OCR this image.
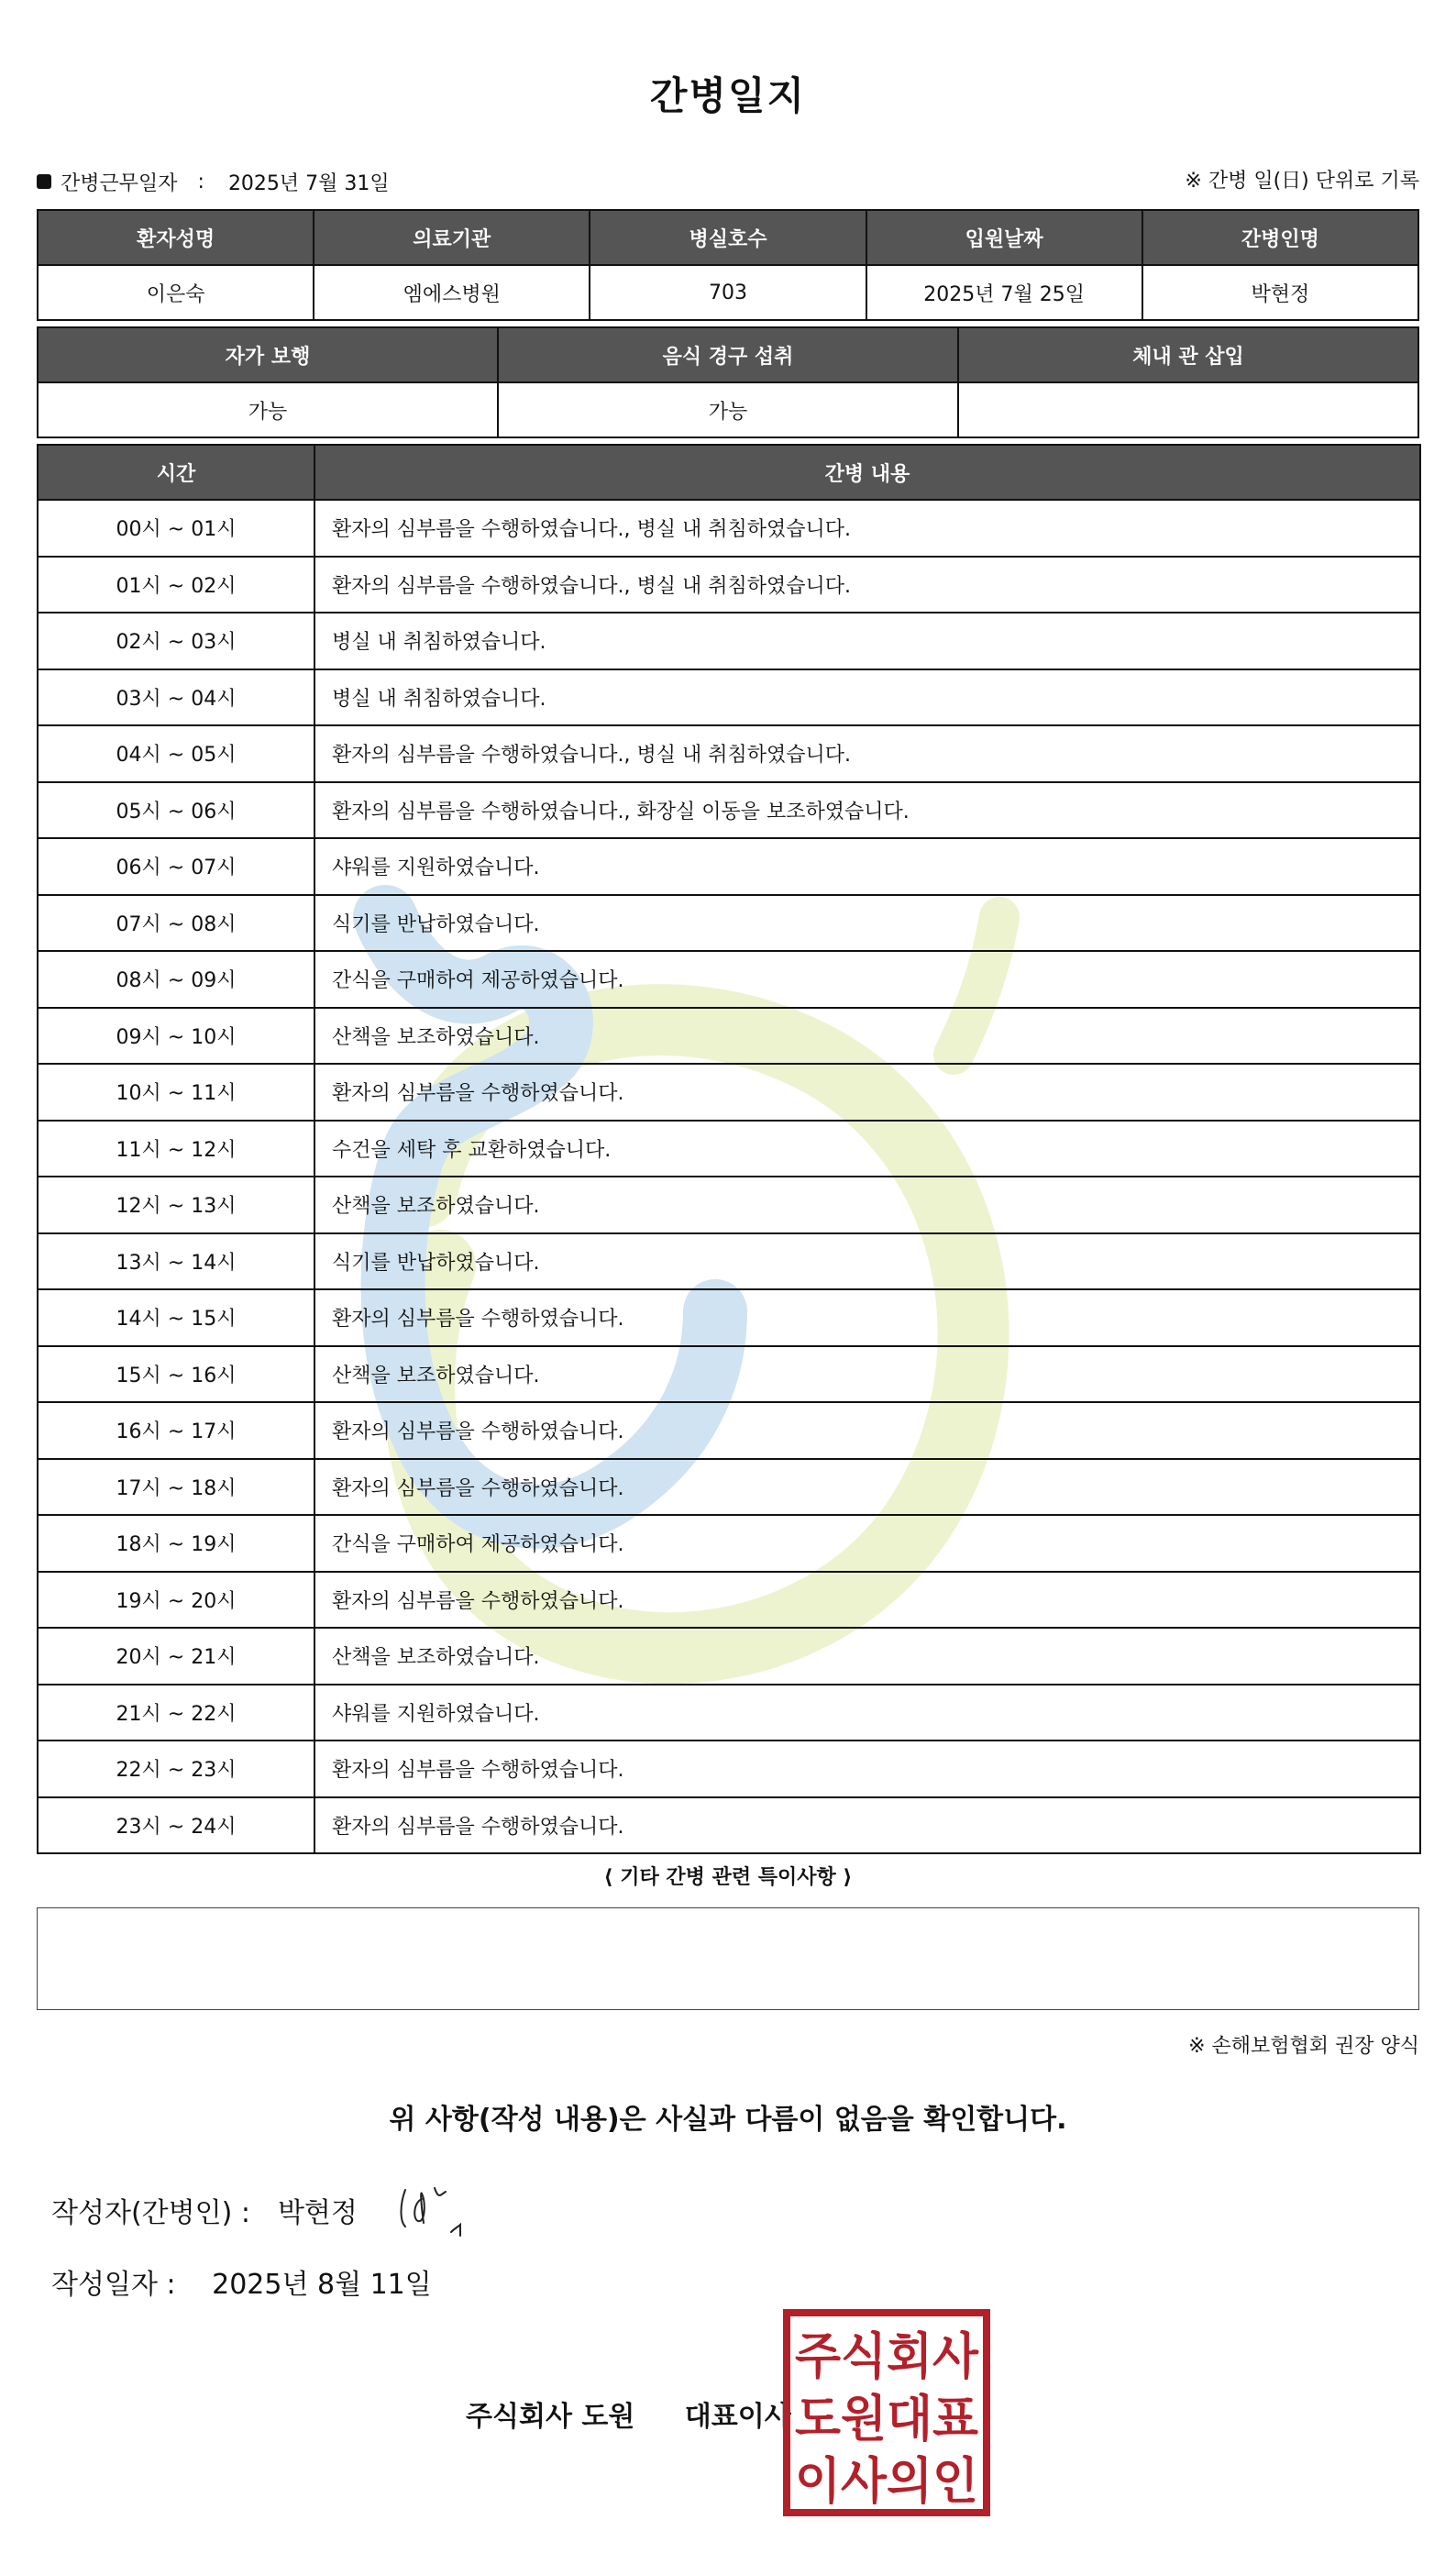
간병일지
간병근무일자 : 2025년 7월 31일	※ 간병 일(日) 단위로 기록
환자성명	의료기관	병실호수	입원날짜	간병인명
이은숙	엠에스병원	703	2025년 7월 25일	박현정
자가 보행	음식 경구 섭취	체내 관 삽입
가능	가능	
시간	간병 내용
00시 ~ 01시	환자의 심부름을 수행하였습니다., 병실 내 취침하였습니다.
01시 ~ 02시	환자의 심부름을 수행하였습니다., 병실 내 취침하였습니다.
02시 ~ 03시	병실 내 취침하였습니다.
03시 ~ 04시	병실 내 취침하였습니다.
04시 ~ 05시	환자의 심부름을 수행하였습니다., 병실 내 취침하였습니다.
05시 ~ 06시	환자의 심부름을 수행하였습니다., 화장실 이동을 보조하였습니다.
06시 ~ 07시	샤워를 지원하였습니다.
07시 ~ 08시	식기를 반납하였습니다.
08시 ~ 09시	간식을 구매하여 제공하였습니다.
09시 ~ 10시	산책을 보조하였습니다.
10시 ~ 11시	환자의 심부름을 수행하였습니다.
11시 ~ 12시	수건을 세탁 후 교환하였습니다.
12시 ~ 13시	산책을 보조하였습니다.
13시 ~ 14시	식기를 반납하였습니다.
14시 ~ 15시	환자의 심부름을 수행하였습니다.
15시 ~ 16시	산책을 보조하였습니다.
16시 ~ 17시	환자의 심부름을 수행하였습니다.
17시 ~ 18시	환자의 심부름을 수행하였습니다.
18시 ~ 19시	간식을 구매하여 제공하였습니다.
19시 ~ 20시	환자의 심부름을 수행하였습니다.
20시 ~ 21시	산책을 보조하였습니다.
21시 ~ 22시	샤워를 지원하였습니다.
22시 ~ 23시	환자의 심부름을 수행하였습니다.
23시 ~ 24시	환자의 심부름을 수행하였습니다.
⟨ 기타 간병 관련 특이사항 ⟩
※ 손해보험협회 권장 양식
위 사항(작성 내용)은 사실과 다름이 없음을 확인합니다.
작성자(간병인) : 박현정
작성일자 : 2025년 8월 11일
주식회사 도원 대표이사
주식회사
도원대표
이사의인
